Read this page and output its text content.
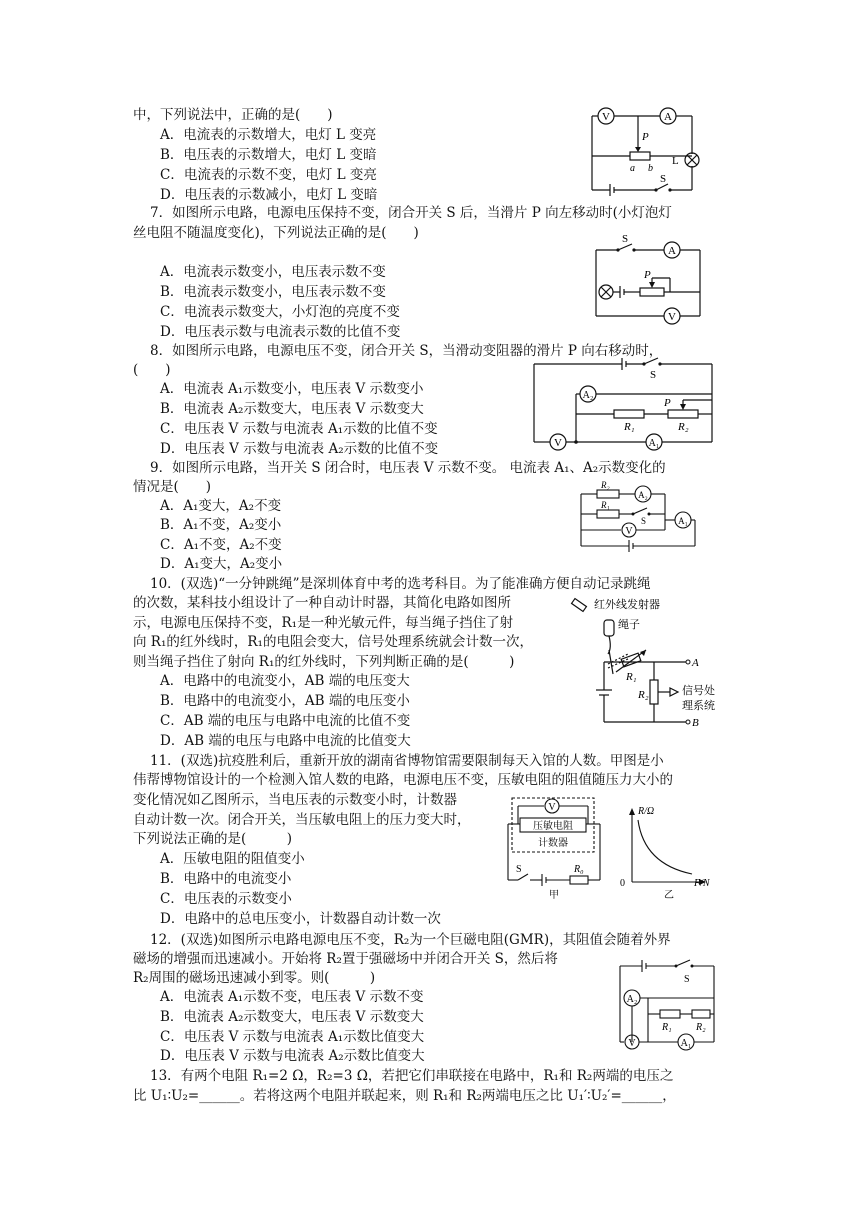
中，下列说法中，正确的是(　　)
A．电流表的示数增大，电灯 L 变亮
B．电压表的示数增大，电灯 L 变暗
C．电流表的示数不变，电灯 L 变亮
D．电压表的示数减小，电灯 L 变暗
V	A
P
a b
L
S
7．如图所示电路，电源电压保持不变，闭合开关 S 后，当滑片 P 向左移动时(小灯泡灯
丝电阻不随温度变化)，下列说法正确的是(　　)
A．电流表示数变小，电压表示数不变
B．电流表示数变小，电压表示数不变
C．电流表示数变大，小灯泡的亮度不变
D．电压表示数与电流表示数的比值不变
S
A
P
V
8．如图所示电路，电源电压不变，闭合开关 S，当滑动变阻器的滑片 P 向右移动时，
(　　)
A．电流表 A₁示数变小，电压表 V 示数变小
B．电流表 A₂示数变大，电压表 V 示数变大
C．电压表 V 示数与电流表 A₁示数的比值不变
D．电压表 V 示数与电流表 A₂示数的比值不变
S
A₂
P
R₁	R₂
V	A₁
9．如图所示电路，当开关 S 闭合时，电压表 V 示数不变。 电流表 A₁、A₂示数变化的
情况是(　　)
A．A₁变大，A₂不变
B．A₁不变，A₂变小
C．A₁不变，A₂不变
D．A₁变大，A₂变小
R₂
A₂
R₁
S	A₁
V
10．(双选)“一分钟跳绳”是深圳体育中考的选考科目。为了能准确方便自动记录跳绳
的次数，某科技小组设计了一种自动计时器，其简化电路如图所
示，电源电压保持不变，R₁是一种光敏元件，每当绳子挡住了射
向 R₁的红外线时，R₁的电阻会变大，信号处理系统就会计数一次，
则当绳子挡住了射向 R₁的红外线时，下列判断正确的是(　　　)
A．电路中的电流变小，AB 端的电压变大
B．电路中的电流变小，AB 端的电压变小
C．AB 端的电压与电路中电流的比值不变
D．AB 端的电压与电路中电流的比值变大
红外线发射器
绳子
R₁
R₂
A
B
信号处
理系统
11．(双选)抗疫胜利后，重新开放的湖南省博物馆需要限制每天入馆的人数。甲图是小
伟帮博物馆设计的一个检测入馆人数的电路，电源电压不变，压敏电阻的阻值随压力大小的
变化情况如乙图所示，当电压表的示数变小时，计数器
自动计数一次。闭合开关，当压敏电阻上的压力变大时，
下列说法正确的是(　　　)
A．压敏电阻的阻值变小
B．电路中的电流变小
C．电压表的示数变小
D．电路中的总电压变小，计数器自动计数一次
V
压敏电阻
计数器
S	R₀
甲
R/Ω
0	F/N
乙
12．(双选)如图所示电路电源电压不变，R₂为一个巨磁电阻(GMR)，其阻值会随着外界
磁场的增强而迅速减小。开始将 R₂置于强磁场中并闭合开关 S，然后将
R₂周围的磁场迅速减小到零。则(　　　)
A．电流表 A₁示数不变，电压表 V 示数不变
B．电流表 A₂示数变大，电压表 V 示数变大
C．电压表 V 示数与电流表 A₁示数比值变大
D．电压表 V 示数与电流表 A₂示数比值变大
S
A₂
R₁ R₂
V	A₁
13．有两个电阻 R₁=2 Ω，R₂=3 Ω，若把它们串联接在电路中，R₁和 R₂两端的电压之
比 U₁∶U₂=______。若将这两个电阻并联起来，则 R₁和 R₂两端电压之比 U₁′∶U₂′=______，
